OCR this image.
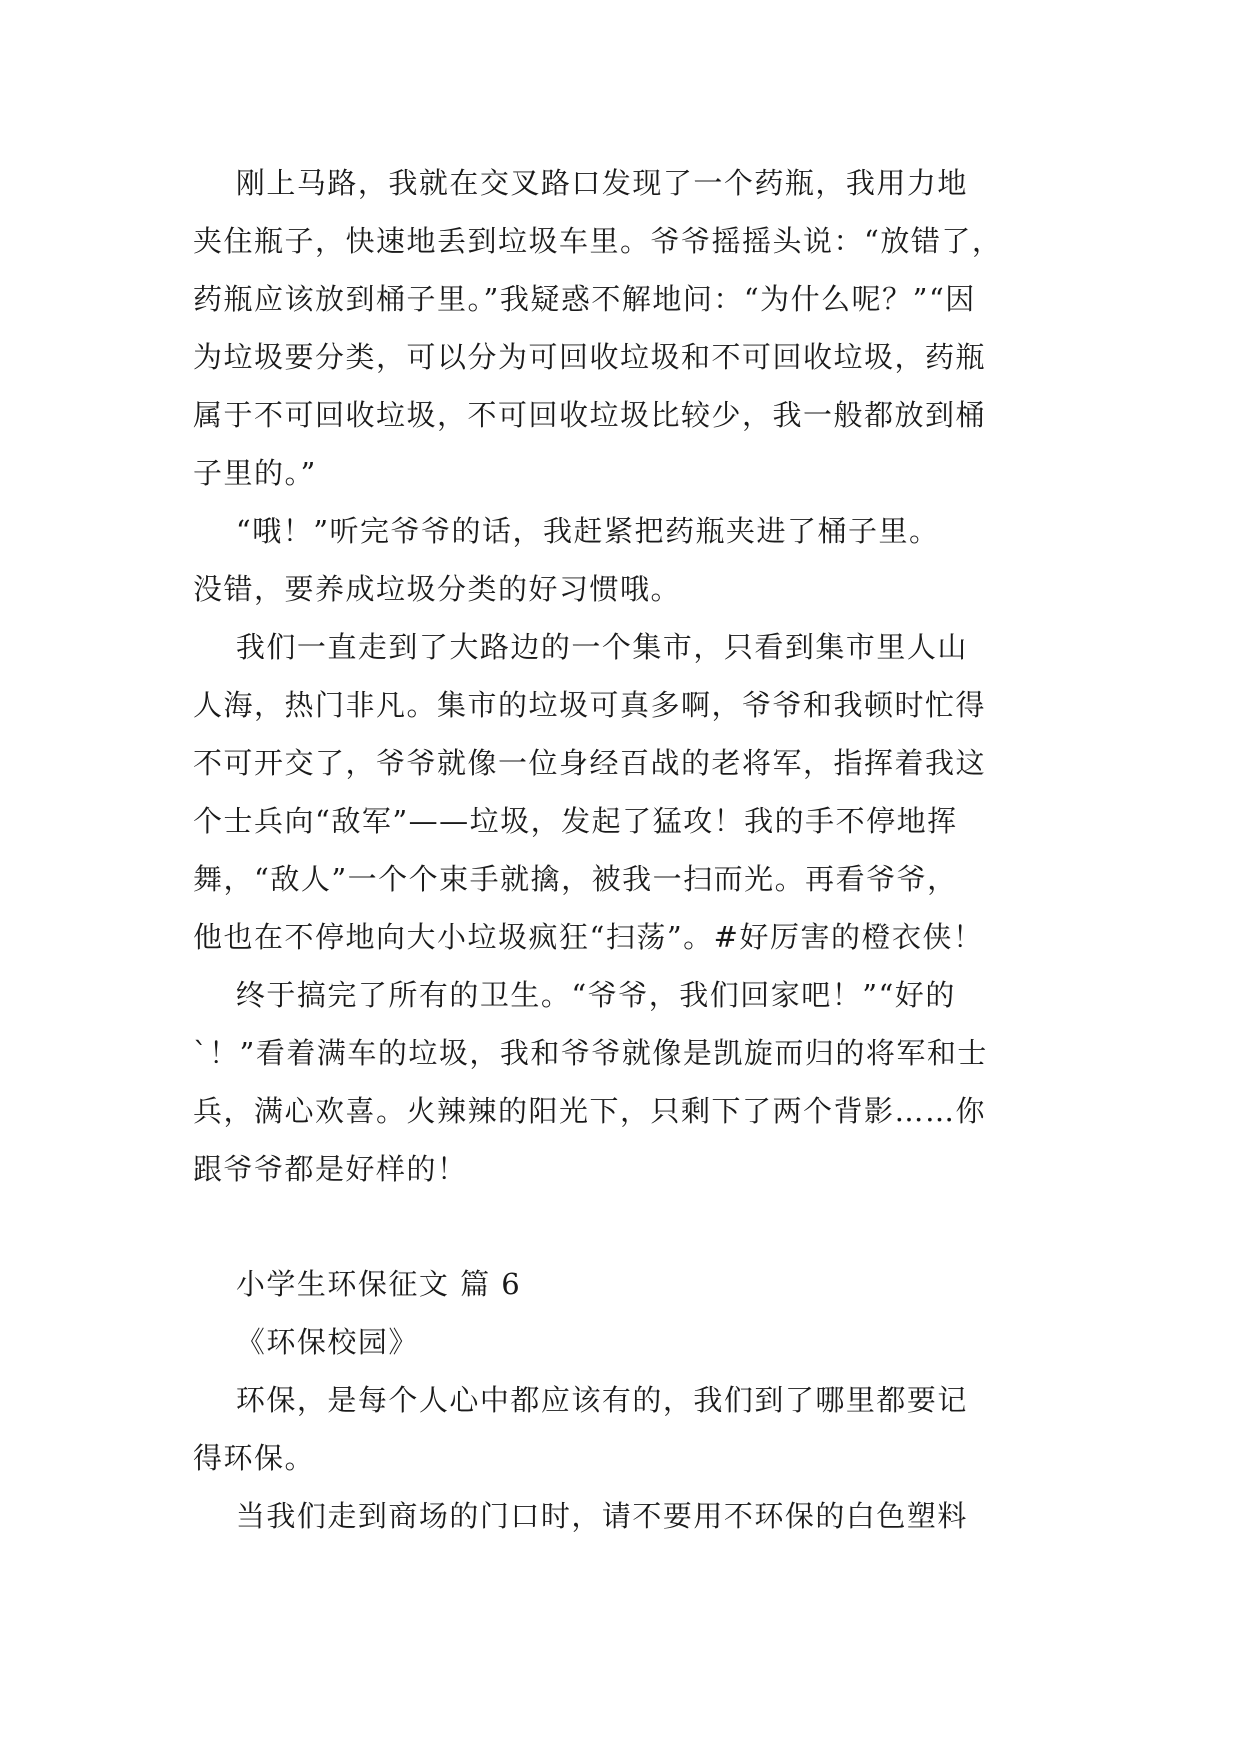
刚上马路，我就在交叉路口发现了一个药瓶，我用力地

夹住瓶子，快速地丢到垃圾车里。爷爷摇摇头说：“放错了，

药瓶应该放到桶子里。”我疑惑不解地问：“为什么呢？”“因

为垃圾要分类，可以分为可回收垃圾和不可回收垃圾，药瓶

属于不可回收垃圾，不可回收垃圾比较少，我一般都放到桶

子里的。”

“哦！”听完爷爷的话，我赶紧把药瓶夹进了桶子里。

没错，要养成垃圾分类的好习惯哦。

我们一直走到了大路边的一个集市，只看到集市里人山

人海，热门非凡。集市的垃圾可真多啊，爷爷和我顿时忙得

不可开交了，爷爷就像一位身经百战的老将军，指挥着我这

个士兵向“敌军”——垃圾，发起了猛攻！我的手不停地挥

舞，“敌人”一个个束手就擒，被我一扫而光。再看爷爷，

他也在不停地向大小垃圾疯狂“扫荡”。#好厉害的橙衣侠！

终于搞完了所有的卫生。“爷爷，我们回家吧！”“好的

`！”看着满车的垃圾，我和爷爷就像是凯旋而归的将军和士

兵，满心欢喜。火辣辣的阳光下，只剩下了两个背影……你

跟爷爷都是好样的！

小学生环保征文 篇 6

《环保校园》

环保，是每个人心中都应该有的，我们到了哪里都要记

得环保。

当我们走到商场的门口时，请不要用不环保的白色塑料
